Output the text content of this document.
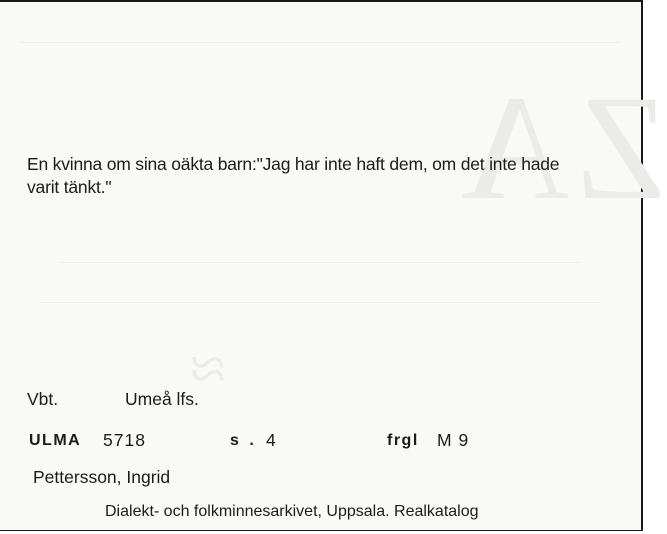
ZA
≈
En kvinna om sina oäkta barn:"Jag har inte haft dem, om det inte hade varit tänkt."
Vbt.	Umeå lfs.
ULMA 5718	s . 4	frgl M 9
Pettersson, Ingrid
Dialekt- och folkminnesarkivet, Uppsala. Realkatalog
